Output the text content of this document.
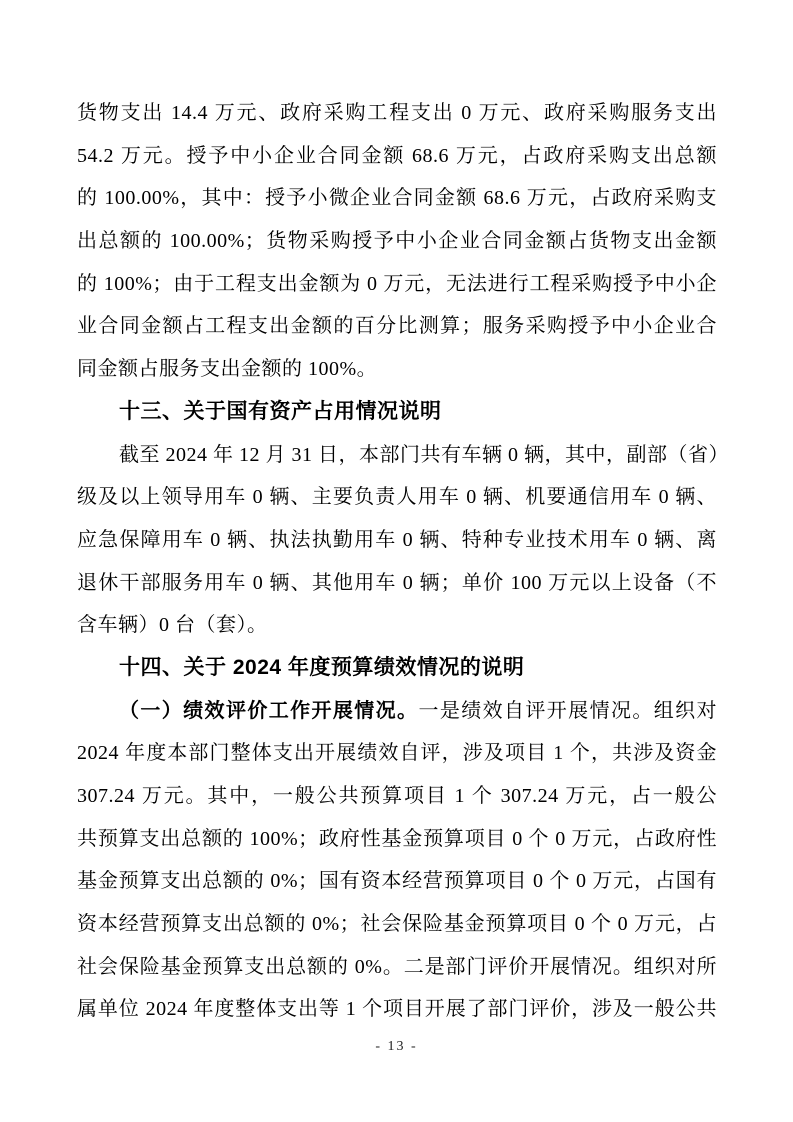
货物支出 14.4 万元、政府采购工程支出 0 万元、政府采购服务支出
54.2 万元。授予中小企业合同金额 68.6 万元，占政府采购支出总额
的 100.00%，其中：授予小微企业合同金额 68.6 万元，占政府采购支
出总额的 100.00%；货物采购授予中小企业合同金额占货物支出金额
的 100%；由于工程支出金额为 0 万元，无法进行工程采购授予中小企
业合同金额占工程支出金额的百分比测算；服务采购授予中小企业合
同金额占服务支出金额的 100%。
十三、关于国有资产占用情况说明
截至 2024 年 12 月 31 日，本部门共有车辆 0 辆，其中，副部（省）
级及以上领导用车 0 辆、主要负责人用车 0 辆、机要通信用车 0 辆、
应急保障用车 0 辆、执法执勤用车 0 辆、特种专业技术用车 0 辆、离
退休干部服务用车 0 辆、其他用车 0 辆；单价 100 万元以上设备（不
含车辆）0 台（套）。
十四、关于 2024 年度预算绩效情况的说明
（一）绩效评价工作开展情况。一是绩效自评开展情况。组织对
2024 年度本部门整体支出开展绩效自评，涉及项目 1 个，共涉及资金
307.24 万元。其中，一般公共预算项目 1 个 307.24 万元，占一般公
共预算支出总额的 100%；政府性基金预算项目 0 个 0 万元，占政府性
基金预算支出总额的 0%；国有资本经营预算项目 0 个 0 万元，占国有
资本经营预算支出总额的 0%；社会保险基金预算项目 0 个 0 万元，占
社会保险基金预算支出总额的 0%。二是部门评价开展情况。组织对所
属单位 2024 年度整体支出等 1 个项目开展了部门评价，涉及一般公共
- 13 -
